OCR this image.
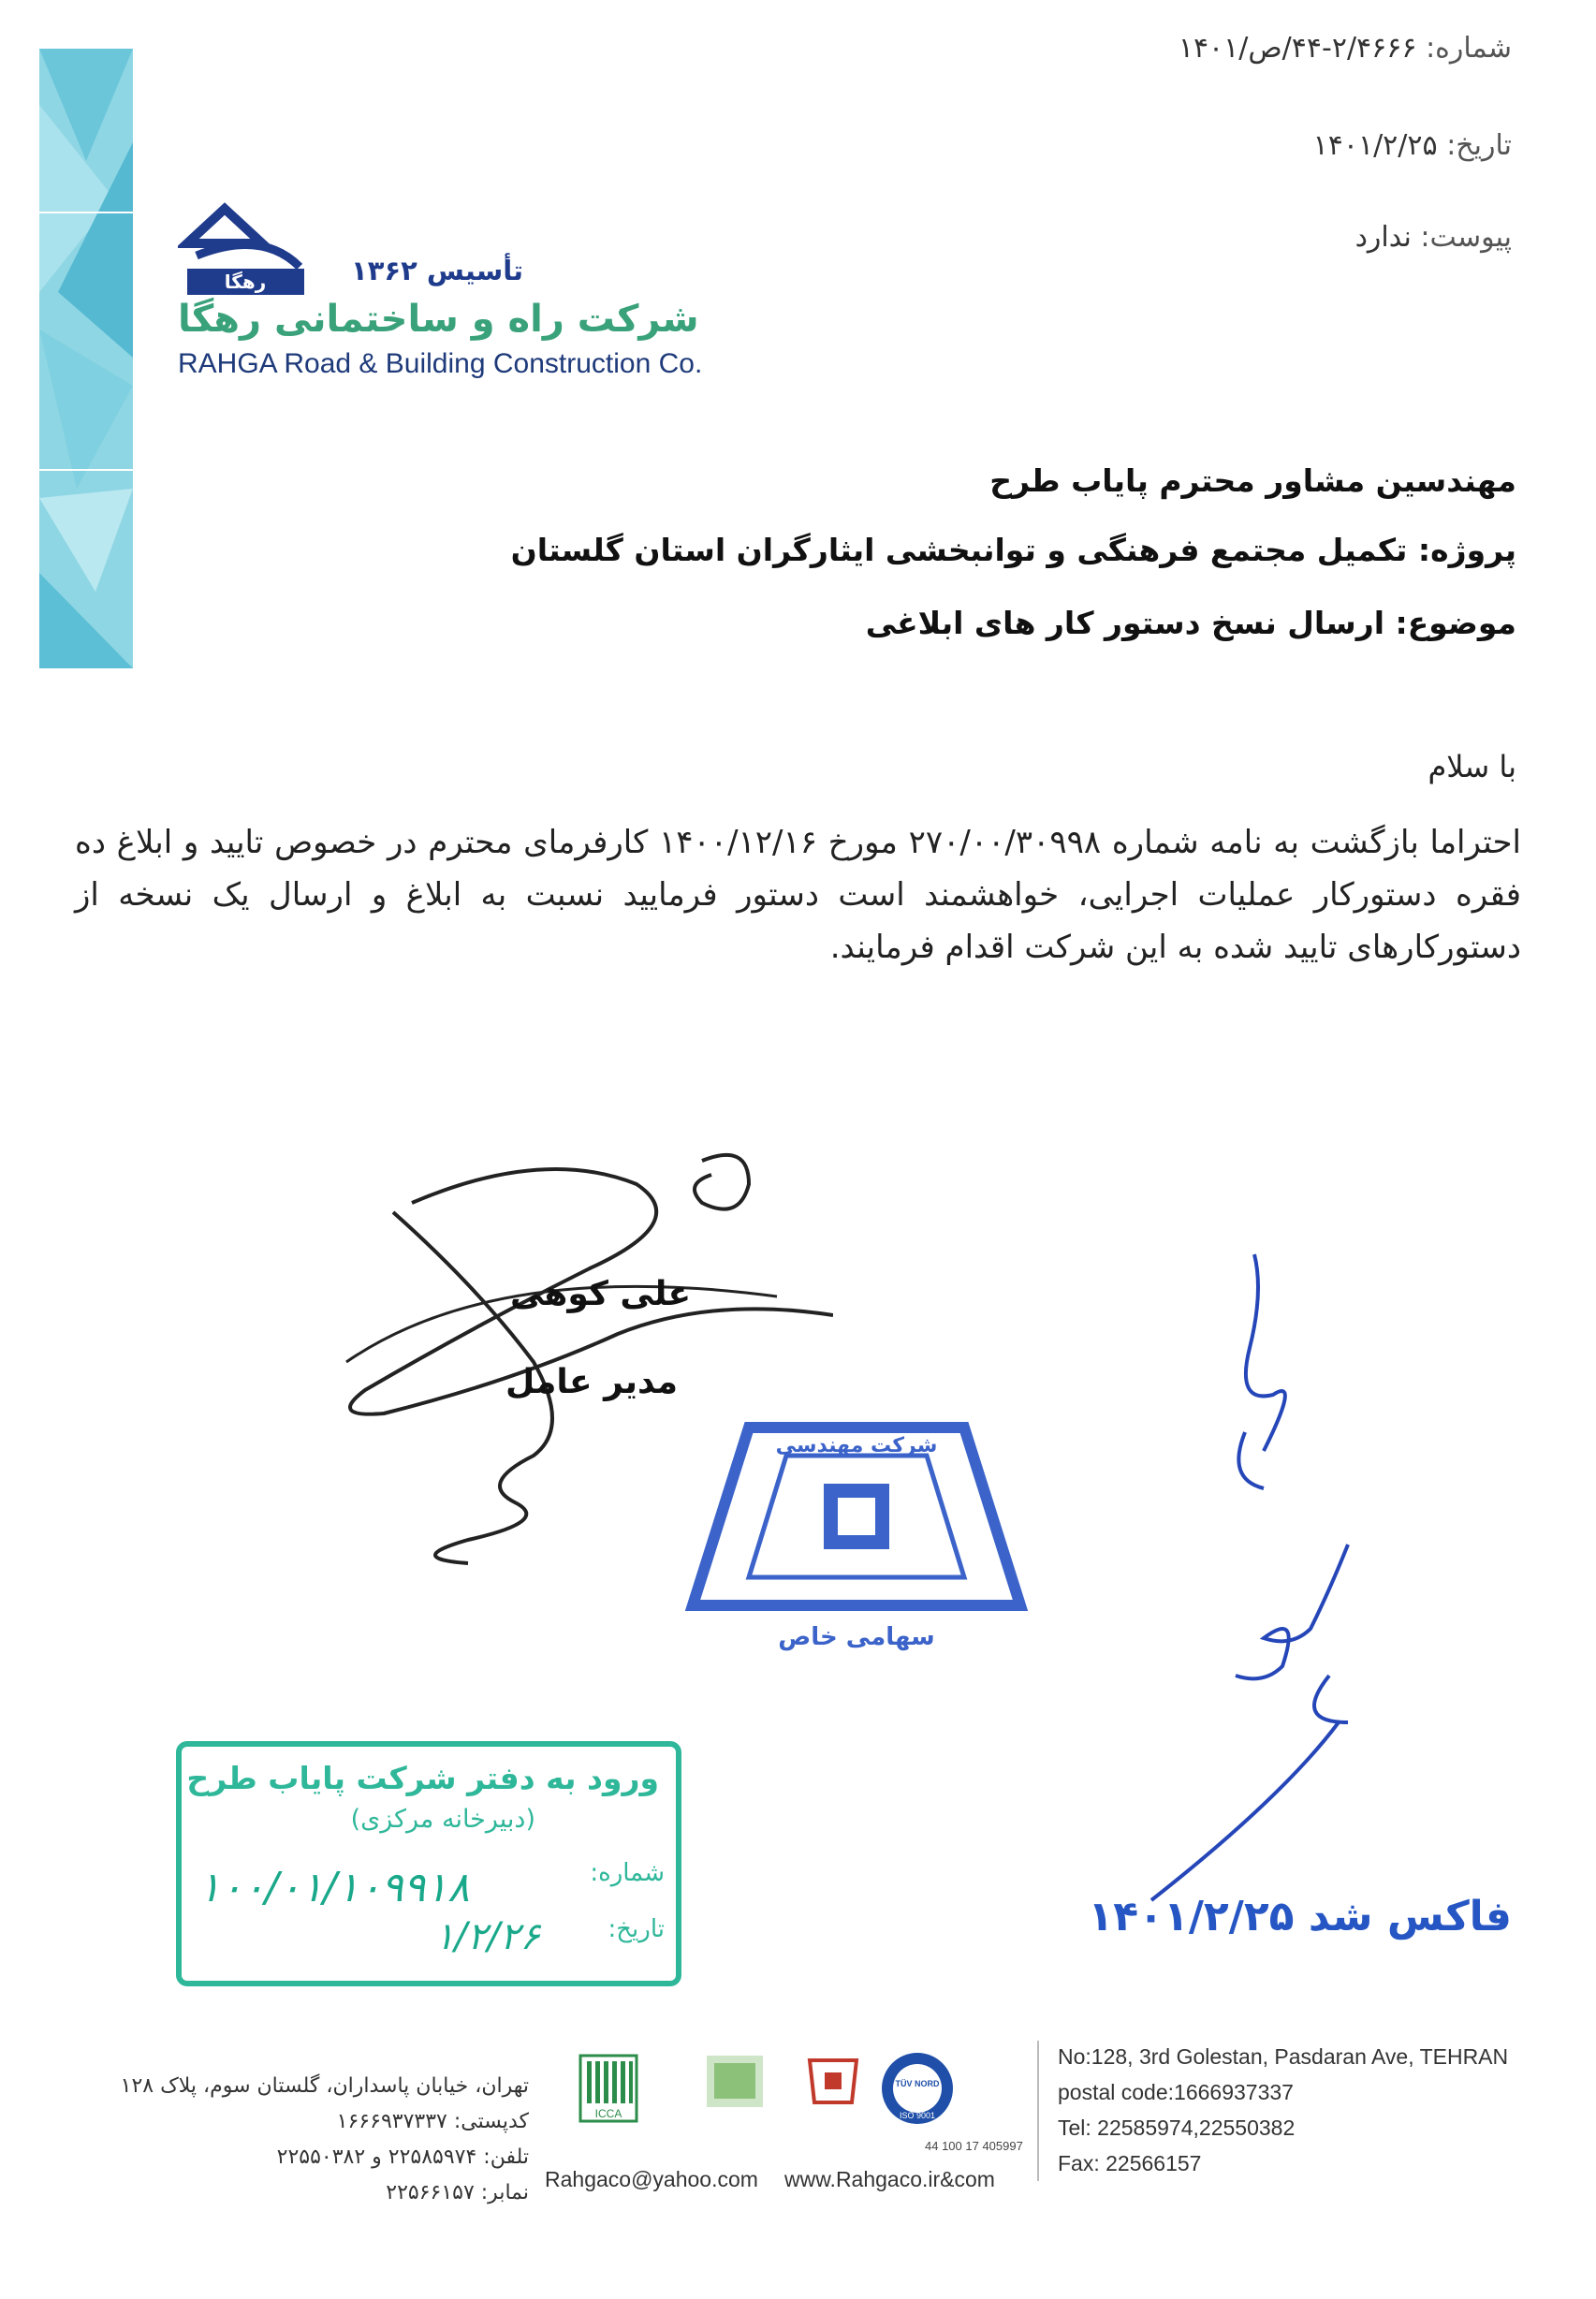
شماره: ۲/۴۶۶۶-۴۴/ص/۱۴۰۱
تاریخ: ۱۴۰۱/۲/۲۵
پیوست: ندارد
رهگا	تأسیس ۱۳۶۲
شرکت راه و ساختمانی رهگا
RAHGA Road & Building Construction Co.
مهندسین مشاور محترم پایاب طرح
پروژه: تکمیل مجتمع فرهنگی و توانبخشی ایثارگران استان گلستان
موضوع: ارسال نسخ دستور کار های ابلاغی
با سلام
احتراما بازگشت به نامه شماره ۲۷۰/۰۰/۳۰۹۹۸ مورخ ۱۴۰۰/۱۲/۱۶ کارفرمای محترم در خصوص تایید و ابلاغ ده فقره دستورکار عملیات اجرایی، خواهشمند است دستور فرمایید نسبت به ابلاغ و ارسال یک نسخه از دستورکارهای تایید شده به این شرکت اقدام فرمایند.
علی کوهی
مدیر عامل
شرکت مهندسی
سهامی خاص
ورود به دفتر شرکت پایاب طرح
(دبیرخانه مرکزی)
شماره:
تاریخ:
۱۰۰/۰۱/۱۰۹۹۱۸
۱/۲/۲۶	فاکس شد ۱۴۰۱/۲/۲۵
تهران، خیابان پاسداران، گلستان سوم، پلاک ۱۲۸
کدپستی: ۱۶۶۶۹۳۷۳۳۷
تلفن: ۲۲۵۸۵۹۷۴ و ۲۲۵۵۰۳۸۲
نمابر: ۲۲۵۶۶۱۵۷
ICCA
TÜV NORD
ISO 9001
44 100 17 405997
Rahgaco@yahoo.com www.Rahgaco.ir&com
No:128, 3rd Golestan, Pasdaran Ave, TEHRAN
postal code:1666937337
Tel: 22585974,22550382
Fax: 22566157
